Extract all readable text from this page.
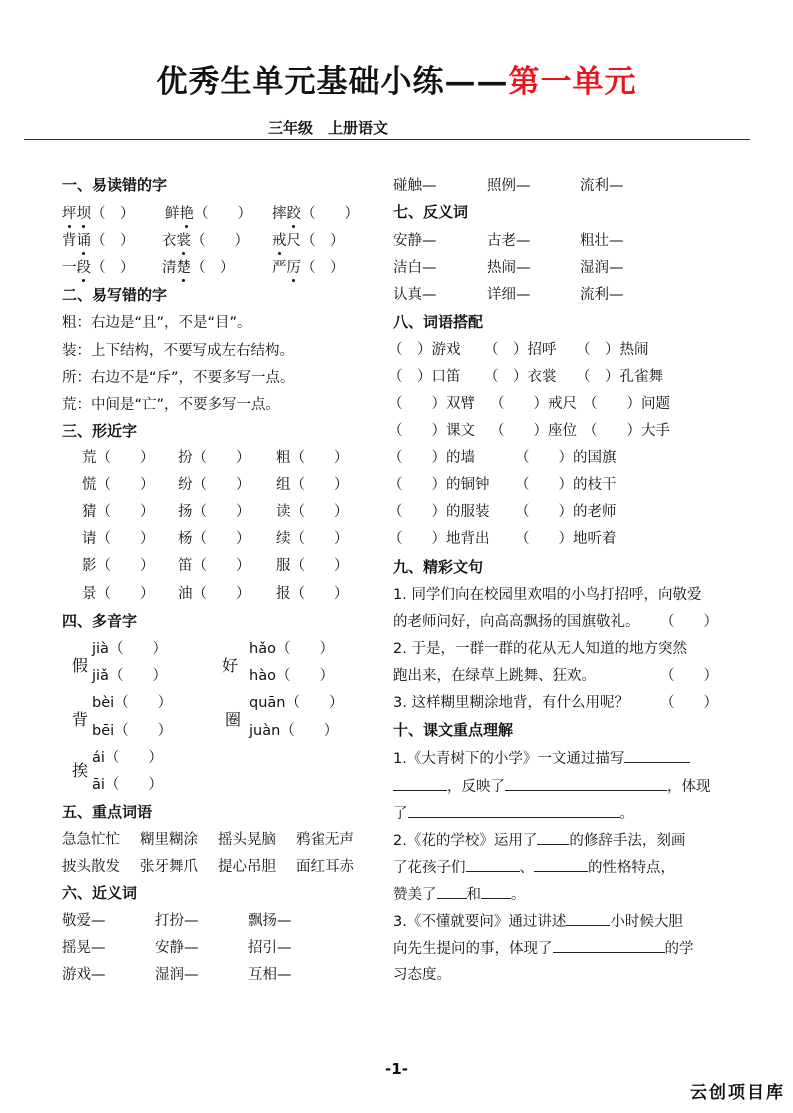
优秀生单元基础小练——第一单元
三年级　上册语文
一、易读错的字
坪坝（　） 鲜艳（　　） 摔跤（　　）
背诵（　） 衣裳（　　） 戒尺（　）
一段（　） 清楚（　）	严厉（　）
二、易写错的字
粗：右边是“且”，不是“目”。
装：上下结构，不要写成左右结构。
所：右边不是“斥”，不要多写一点。
荒：中间是“亡”，不要多写一点。
三、形近字
荒（　　） 扮（　　） 粗（　　）
慌（　　） 纷（　　） 组（　　）
猜（　　） 扬（　　） 读（　　）
请（　　） 杨（　　） 续（　　）
影（　　） 笛（　　） 服（　　）
景（　　） 油（　　） 报（　　）
四、多音字
假
jià（　　）
jiǎ（　　）
好
hǎo（　　）
hào（　　）
背
bèi（　　）
bēi（　　）
圈
quān（　　）
juàn（　　）
挨
ái（　　）
āi（　　）
五、重点词语
急急忙忙 糊里糊涂 摇头晃脑 鸦雀无声
披头散发 张牙舞爪 提心吊胆 面红耳赤
六、近义词
敬爱—	打扮—	飘扬—
摇晃—	安静—	招引—
游戏—	湿润—	互相—
碰触—	照例—	流利—
七、反义词
安静—	古老—	粗壮—
洁白—	热闹—	湿润—
认真—	详细—	流利—
八、词语搭配
（　）游戏 （　）招呼 （　）热闹
（　）口笛 （　）衣裳 （　）孔雀舞
（　　）双臂 （　　）戒尺 （　　）问题
（　　）课文 （　　）座位 （　　）大手
（　　）的墙	（　　）的国旗
（　　）的铜钟 （　　）的枝干
（　　）的服装 （　　）的老师
（　　）地背出 （　　）地听着
九、精彩文句
1. 同学们向在校园里欢唱的小鸟打招呼，向敬爱
的老师问好，向高高飘扬的国旗敬礼。 （　　）
2. 于是，一群一群的花从无人知道的地方突然
跑出来，在绿草上跳舞、狂欢。	（　　）
3. 这样糊里糊涂地背，有什么用呢？ （　　）
十、课文重点理解
1.《大青树下的小学》一文通过描写
，反映了	，体现
了	。
2.《花的学校》运用了 的修辞手法，刻画
了花孩子们	、	的性格特点，
赞美了 和 。
3.《不懂就要问》通过讲述	小时候大胆
向先生提问的事，体现了	的学
习态度。
-1-
云创项目库
